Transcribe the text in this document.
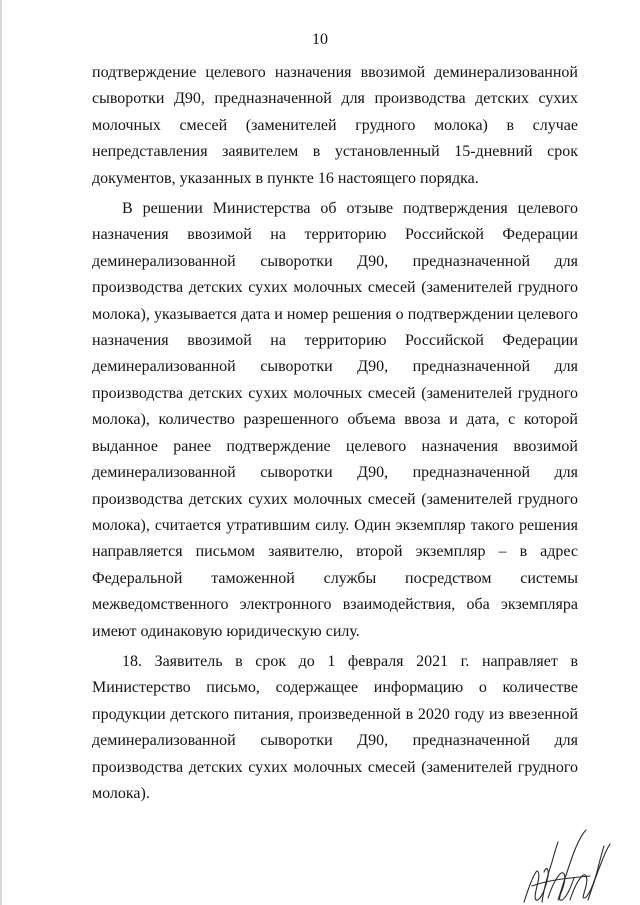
10

подтверждение целевого назначения ввозимой деминерализованной сыворотки Д90, предназначенной для производства детских сухих молочных смесей (заменителей грудного молока) в случае непредставления заявителем в установленный 15-дневний срок документов, указанных в пункте 16 настоящего порядка.

В решении Министерства об отзыве подтверждения целевого назначения ввозимой на территорию Российской Федерации деминерализованной сыворотки Д90, предназначенной для производства детских сухих молочных смесей (заменителей грудного молока), указывается дата и номер решения о подтверждении целевого назначения ввозимой на территорию Российской Федерации деминерализованной сыворотки Д90, предназначенной для производства детских сухих молочных смесей (заменителей грудного молока), количество разрешенного объема ввоза и дата, с которой выданное ранее подтверждение целевого назначения ввозимой деминерализованной сыворотки Д90, предназначенной для производства детских сухих молочных смесей (заменителей грудного молока), считается утратившим силу. Один экземпляр такого решения направляется письмом заявителю, второй экземпляр – в адрес Федеральной таможенной службы посредством системы межведомственного электронного взаимодействия, оба экземпляра имеют одинаковую юридическую силу.

18. Заявитель в срок до 1 февраля 2021 г. направляет в Министерство письмо, содержащее информацию о количестве продукции детского питания, произведенной в 2020 году из ввезенной деминерализованной сыворотки Д90, предназначенной для производства детских сухих молочных смесей (заменителей грудного молока).
